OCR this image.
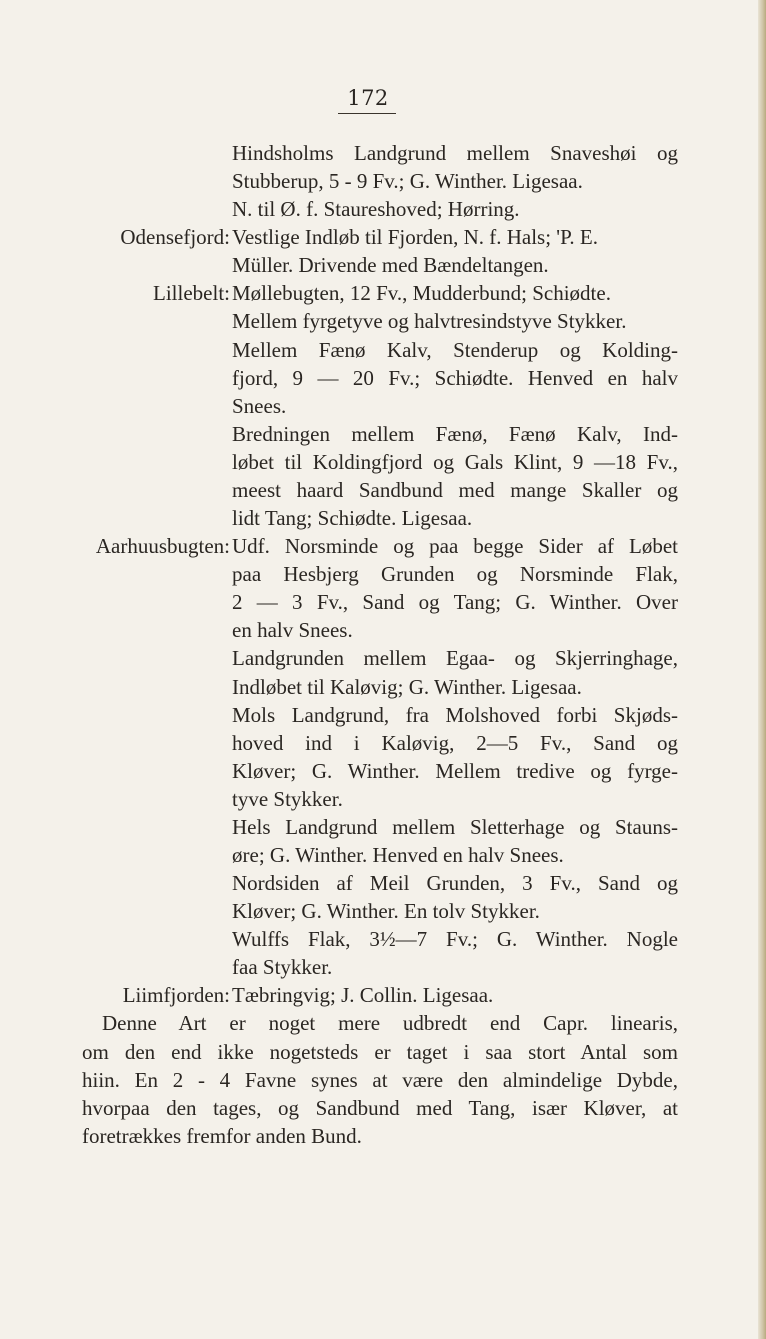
172
Hindsholms Landgrund mellem Snaveshøi og
Stubberup, 5 - 9 Fv.; G. Winther. Ligesaa.
N. til Ø. f. Staureshoved; Hørring.
Odensefjord: Vestlige Indløb til Fjorden, N. f. Hals; 'P. E.
Müller. Drivende med Bændeltangen.
Lillebelt: Møllebugten, 12 Fv., Mudderbund; Schiødte.
Mellem fyrgetyve og halvtresindstyve Stykker.
Mellem Fænø Kalv, Stenderup og Kolding-
fjord, 9 — 20 Fv.; Schiødte. Henved en halv
Snees.
Bredningen mellem Fænø, Fænø Kalv, Ind-
løbet til Koldingfjord og Gals Klint, 9 —18 Fv.,
meest haard Sandbund med mange Skaller og
lidt Tang; Schiødte. Ligesaa.
Aarhuusbugten: Udf. Norsminde og paa begge Sider af Løbet
paa Hesbjerg Grunden og Norsminde Flak,
2 — 3 Fv., Sand og Tang; G. Winther. Over
en halv Snees.
Landgrunden mellem Egaa- og Skjerringhage,
Indløbet til Kaløvig; G. Winther. Ligesaa.
Mols Landgrund, fra Molshoved forbi Skjøds-
hoved ind i Kaløvig, 2—5 Fv., Sand og
Kløver; G. Winther. Mellem tredive og fyrge-
tyve Stykker.
Hels Landgrund mellem Sletterhage og Stauns-
øre; G. Winther. Henved en halv Snees.
Nordsiden af Meil Grunden, 3 Fv., Sand og
Kløver; G. Winther. En tolv Stykker.
Wulffs Flak, 3½—7 Fv.; G. Winther. Nogle
faa Stykker.
Liimfjorden: Tæbringvig; J. Collin. Ligesaa.
Denne Art er noget mere udbredt end Capr. linearis,
om den end ikke nogetsteds er taget i saa stort Antal som
hiin. En 2 - 4 Favne synes at være den almindelige Dybde,
hvorpaa den tages, og Sandbund med Tang, især Kløver, at
foretrækkes fremfor anden Bund.
